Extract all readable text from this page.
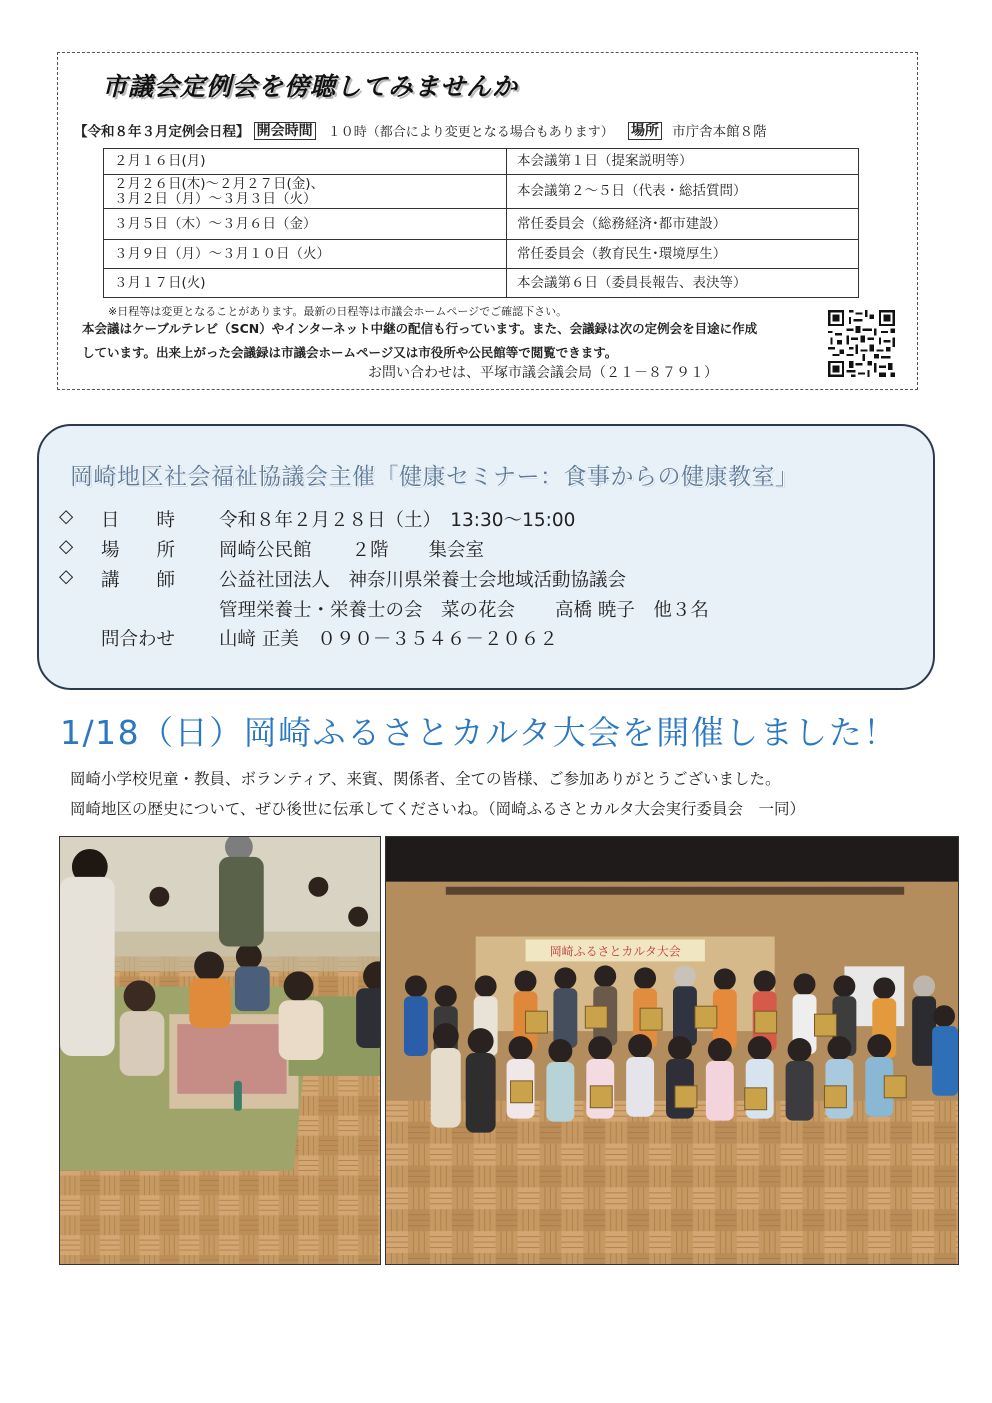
市議会定例会を傍聴してみませんか
【令和８年３月定例会日程】 開会時間 １０時（都合により変更となる場合もあります） 場所 市庁舎本館８階
２月１６日(月)	本会議第１日（提案説明等）

２月２６日(木)～２月２７日(金)、
３月２日（月）～３月３日（火）	本会議第２～５日（代表・総括質問）

３月５日（木）～３月６日（金）	常任委員会（総務経済･都市建設）

３月９日（月）～３月１０日（火）	常任委員会（教育民生･環境厚生）

３月１７日(火)	本会議第６日（委員長報告、表決等）
※日程等は変更となることがあります。最新の日程等は市議会ホームページでご確認下さい。
本会議はケーブルテレビ（SCN）やインターネット中継の配信も行っています。また、会議録は次の定例会を目途に作成
しています。出来上がった会議録は市議会ホームページ又は市役所や公民館等で閲覧できます。
お問い合わせは、平塚市議会議会局（２１－８７９１）
岡崎地区社会福祉協議会主催「健康セミナー：食事からの健康教室」
◇	日　　時	令和８年２月２８日（土）　13:30～15:00
◇	場　　所	岡崎公民館 ２階 集会室
◇	講　　師	公益社団法人　神奈川県栄養士会地域活動協議会
管理栄養士・栄養士の会　菜の花会 高橋 暁子　他３名
問合わせ	山﨑 正美　０９０－３５４６－２０６２
1/18（日）岡崎ふるさとカルタ大会を開催しました！
岡崎小学校児童・教員、ボランティア、来賓、関係者、全ての皆様、ご参加ありがとうございました。
岡崎地区の歴史について、ぜひ後世に伝承してくださいね。（岡崎ふるさとカルタ大会実行委員会　一同）
岡崎ふるさとカルタ大会
